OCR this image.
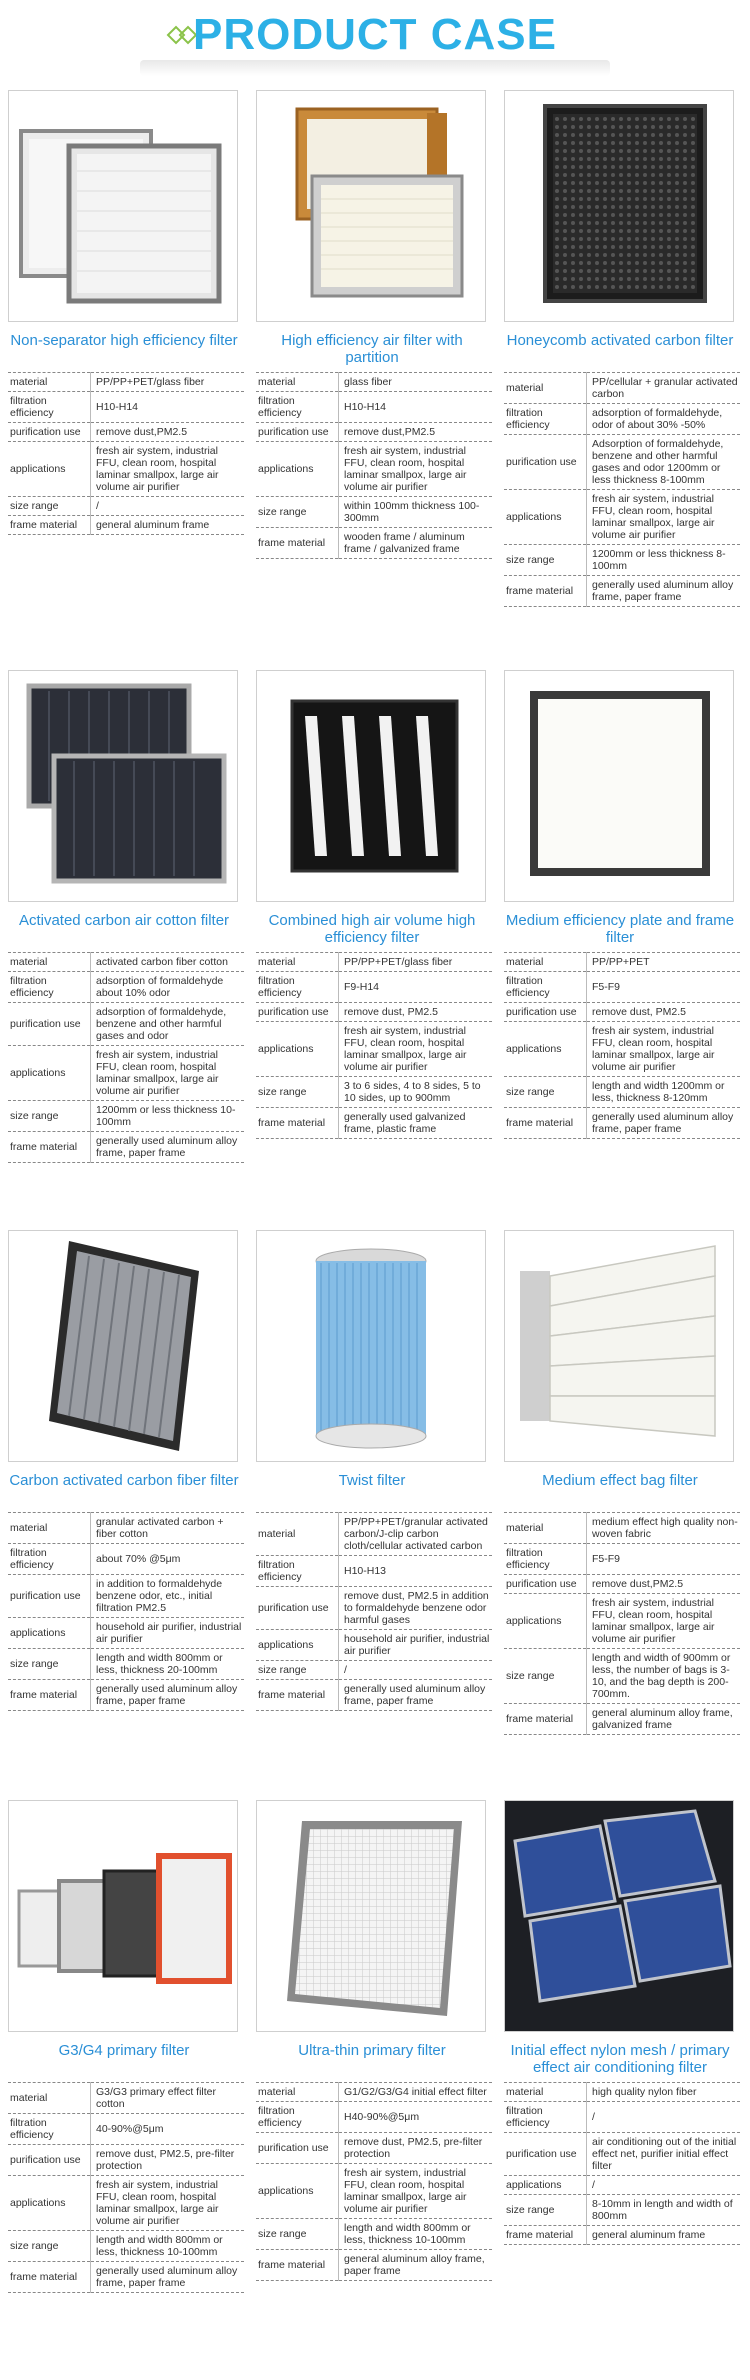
PRODUCT CASE
Non-separator high efficiency filter
material	PP/PP+PET/glass fiber
filtration efficiency	H10-H14
purification use	remove dust,PM2.5
applications	fresh air system, industrial FFU, clean room, hospital laminar smallpox, large air volume air purifier
size range	/
frame material	general aluminum frame
High efficiency air filter with partition
material	glass fiber
filtration efficiency	H10-H14
purification use	remove dust,PM2.5
applications	fresh air system, industrial FFU, clean room, hospital laminar smallpox, large air volume air purifier
size range	within 100mm thickness 100-300mm
frame material	wooden frame / aluminum frame / galvanized frame
Honeycomb activated carbon filter
material	PP/cellular + granular activated carbon
filtration efficiency	adsorption of formaldehyde, odor of about 30% -50%
purification use	Adsorption of formaldehyde, benzene and other harmful gases and odor 1200mm or less thickness 8-100mm
applications	fresh air system, industrial FFU, clean room, hospital laminar smallpox, large air volume air purifier
size range	1200mm or less thickness 8-100mm
frame material	generally used aluminum alloy frame, paper frame
Activated carbon air cotton filter
material	activated carbon fiber cotton
filtration efficiency	adsorption of formaldehyde about 10% odor
purification use	adsorption of formaldehyde, benzene and other harmful gases and odor
applications	fresh air system, industrial FFU, clean room, hospital laminar smallpox, large air volume air purifier
size range	1200mm or less thickness 10-100mm
frame material	generally used aluminum alloy frame, paper frame
Combined high air volume high efficiency filter
material	PP/PP+PET/glass fiber
filtration efficiency	F9-H14
purification use	remove dust, PM2.5
applications	fresh air system, industrial FFU, clean room, hospital laminar smallpox, large air volume air purifier
size range	3 to 6 sides, 4 to 8 sides, 5 to 10 sides, up to 900mm
frame material	generally used galvanized frame, plastic frame
Medium efficiency plate and frame filter
material	PP/PP+PET
filtration efficiency	F5-F9
purification use	remove dust, PM2.5
applications	fresh air system, industrial FFU, clean room, hospital laminar smallpox, large air volume air purifier
size range	length and width 1200mm or less, thickness 8-120mm
frame material	generally used aluminum alloy frame, paper frame
Carbon activated carbon fiber filter
material	granular activated carbon + fiber cotton
filtration efficiency	about 70% @5μm
purification use	in addition to formaldehyde benzene odor, etc., initial filtration PM2.5
applications	household air purifier, industrial air purifier
size range	length and width 800mm or less, thickness 20-100mm
frame material	generally used aluminum alloy frame, paper frame
Twist filter
material	PP/PP+PET/granular activated carbon/J-clip carbon cloth/cellular activated carbon
filtration efficiency	H10-H13
purification use	remove dust, PM2.5 in addition to formaldehyde benzene odor harmful gases
applications	household air purifier, industrial air purifier
size range	/
frame material	generally used aluminum alloy frame, paper frame
Medium effect bag filter
material	medium effect high quality non-woven fabric
filtration efficiency	F5-F9
purification use	remove dust,PM2.5
applications	fresh air system, industrial FFU, clean room, hospital laminar smallpox, large air volume air purifier
size range	length and width of 900mm or less, the number of bags is 3-10, and the bag depth is 200-700mm.
frame material	general aluminum alloy frame, galvanized frame
G3/G4 primary filter
material	G3/G3 primary effect filter cotton
filtration efficiency	40-90%@5μm
purification use	remove dust, PM2.5, pre-filter protection
applications	fresh air system, industrial FFU, clean room, hospital laminar smallpox, large air volume air purifier
size range	length and width 800mm or less, thickness 10-100mm
frame material	generally used aluminum alloy frame, paper frame
Ultra-thin primary filter
material	G1/G2/G3/G4 initial effect filter
filtration efficiency	H40-90%@5μm
purification use	remove dust, PM2.5, pre-filter protection
applications	fresh air system, industrial FFU, clean room, hospital laminar smallpox, large air volume air purifier
size range	length and width 800mm or less, thickness 10-100mm
frame material	general aluminum alloy frame, paper frame
Initial effect nylon mesh / primary effect air conditioning filter
material	high quality nylon fiber
filtration efficiency	/
purification use	air conditioning out of the initial effect net, purifier initial effect filter
applications	/
size range	8-10mm in length and width of 800mm
frame material	general aluminum frame
